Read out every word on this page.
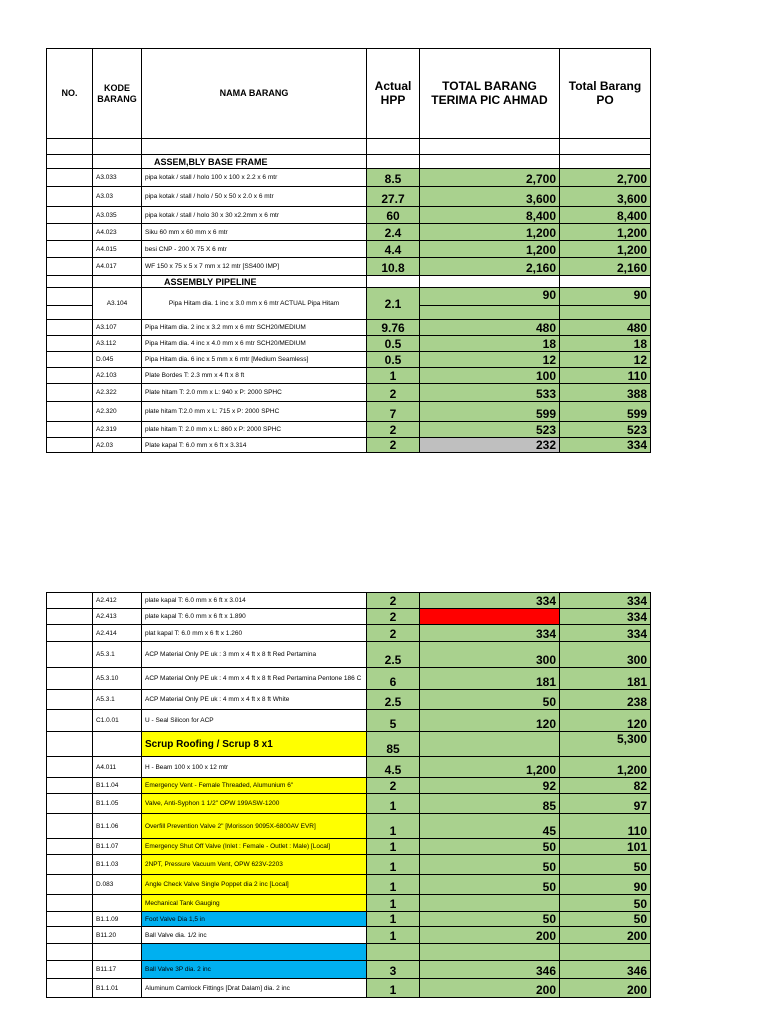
NO.	KODE BARANG	NAMA BARANG	Actual HPP	TOTAL BARANG TERIMA PIC AHMAD	Total Barang PO

		ASSEM,BLY BASE FRAME			
	A3.033	pipa kotak / stall / holo 100 x 100 x 2.2 x 6 mtr	8.5	2,700	2,700
	A3.03	pipa kotak / stall / holo / 50 x 50 x 2.0 x 6 mtr	27.7	3,600	3,600
	A3.035	pipa kotak / stall / holo 30 x 30 x2.2mm x 6 mtr	60	8,400	8,400
	A4.023	Siku 60 mm x 60 mm x 6 mtr	2.4	1,200	1,200
	A4.015	besi CNP - 200 X 75 X 6 mtr	4.4	1,200	1,200
	A4.017	WF 150 x 75 x 5 x 7 mm x 12 mtr [SS400 IMP]	10.8	2,160	2,160
		ASSEMBLY PIPELINE			
	A3.104	Pipa Hitam dia. 1 inc x 3.0 mm x 6 mtr ACTUAL Pipa Hitam	2.1	90	90

	A3.107	Pipa Hitam dia. 2 inc x 3.2 mm x 6 mtr SCH20/MEDIUM	9.76	480	480
	A3.112	Pipa Hitam dia. 4 inc x 4.0 mm x 6 mtr SCH20/MEDIUM	0.5	18	18
	D.045	Pipa Hitam dia. 6 inc x 5 mm x 6 mtr [Medium Seamless]	0.5	12	12
	A2.103	Plate Bordes T: 2.3 mm x 4 ft x 8 ft	1	100	110
	A2.322	Plate hitam T: 2.0 mm x L: 940 x P: 2000 SPHC	2	533	388
	A2.320	plate hitam T:2.0 mm x L: 715 x P: 2000 SPHC	7	599	599
	A2.319	plate hitam T: 2.0 mm x L: 860 x P: 2000 SPHC	2	523	523
	A2.03	Plate kapal T: 6.0 mm x 6 ft x 3.314	2	232	334
	A2.412	plate kapal T: 6.0 mm x 6 ft x 3.014	2	334	334
	A2.413	plate kapal T: 6.0 mm x 6 ft x 1.890	2		334
	A2.414	plat kapal T: 6.0 mm x 6 ft x 1.260	2	334	334
	A5.3.1	ACP Material Only PE uk : 3 mm x 4 ft x 8 ft Red Pertamina	2.5	300	300
	A5.3.10	ACP Material Only PE uk : 4 mm x 4 ft x 8 ft Red Pertamina Pentone 186 C	6	181	181
	A5.3.1	ACP Material Only PE uk : 4 mm x 4 ft x 8 ft White	2.5	50	238
	C1.0.01	U - Seal Silicon for ACP	5	120	120
		Scrup Roofing / Scrup 8 x1	85		5,300
	A4.011	H - Beam 100 x 100 x 12 mtr	4.5	1,200	1,200
	B1.1.04	Emergency Vent - Female Threaded, Alumunium 6"	2	92	82
	B1.1.05	Valve, Anti-Syphon 1 1/2" OPW 199ASW-1200	1	85	97
	B1.1.06	Overfill Prevention Valve 2" [Morisson 9095X-6800AV EVR]	1	45	110
	B1.1.07	Emergency Shut Off Valve (Inlet : Female - Outlet : Male) [Local]	1	50	101
	B1.1.03	2NPT, Pressure Vacuum Vent, OPW 623V-2203	1	50	50
	D.083	Angle Check Valve Single Poppet dia 2 inc [Local]	1	50	90
		Mechanical Tank Gauging	1		50
	B1.1.09	Foot Valve Dia 1,5 in	1	50	50
	B11.20	Ball Valve dia. 1/2 inc	1	200	200

	B11.17	Ball Valve 3P dia. 2 inc	3	346	346
	B1.1.01	Aluminum Camlock Fittings [Drat Dalam] dia. 2 inc	1	200	200
